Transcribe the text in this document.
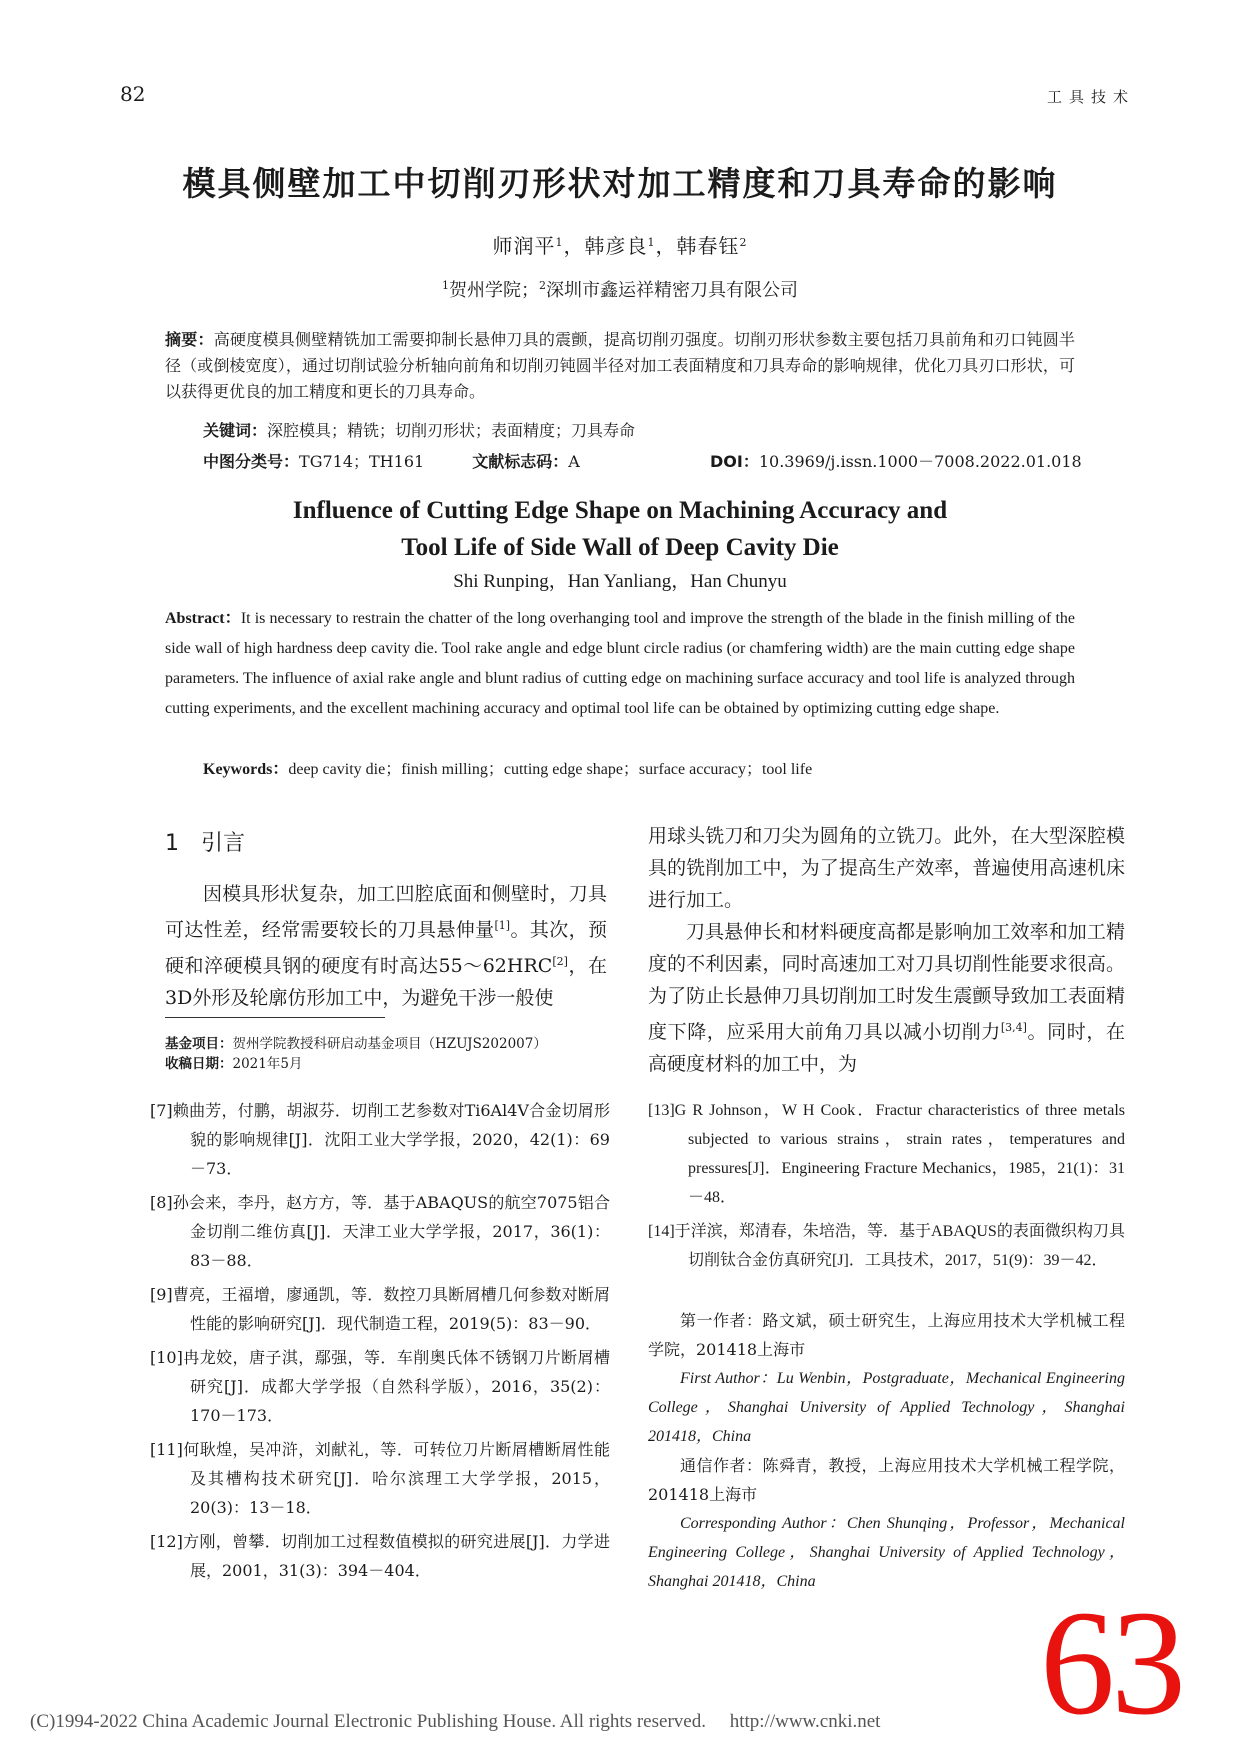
82	工具技术
模具侧壁加工中切削刃形状对加工精度和刀具寿命的影响
师润平$^1$，韩彦良$^1$，韩春钰$^2$
$^1$贺州学院；$^2$深圳市鑫运祥精密刀具有限公司
摘要：高硬度模具侧壁精铣加工需要抑制长悬伸刀具的震颤，提高切削刃强度。切削刃形状参数主要包括刀具前角和刃口钝圆半径（或倒棱宽度），通过切削试验分析轴向前角和切削刃钝圆半径对加工表面精度和刀具寿命的影响规律，优化刀具刃口形状，可以获得更优良的加工精度和更长的刀具寿命。
关键词：深腔模具；精铣；切削刃形状；表面精度；刀具寿命
中图分类号：TG714；TH161	文献标志码：A	DOI：10.3969/j.issn.1000－7008.2022.01.018
Influence of Cutting Edge Shape on Machining Accuracy and
Tool Life of Side Wall of Deep Cavity Die
Shi Runping，Han Yanliang，Han Chunyu
Abstract：It is necessary to restrain the chatter of the long overhanging tool and improve the strength of the blade in the finish milling of the side wall of high hardness deep cavity die. Tool rake angle and edge blunt circle radius (or chamfering width) are the main cutting edge shape parameters. The influence of axial rake angle and blunt radius of cutting edge on machining surface accuracy and tool life is analyzed through cutting experiments, and the excellent machining accuracy and optimal tool life can be obtained by optimizing cutting edge shape.
Keywords：deep cavity die；finish milling；cutting edge shape；surface accuracy；tool life
1　引言

因模具形状复杂，加工凹腔底面和侧壁时，刀具可达性差，经常需要较长的刀具悬伸量[1]。其次，预硬和淬硬模具钢的硬度有时高达55～62HRC[2]，在3D外形及轮廓仿形加工中，为避免干涉一般使

用球头铣刀和刀尖为圆角的立铣刀。此外，在大型深腔模具的铣削加工中，为了提高生产效率，普遍使用高速机床进行加工。

刀具悬伸长和材料硬度高都是影响加工效率和加工精度的不利因素，同时高速加工对刀具切削性能要求很高。为了防止长悬伸刀具切削加工时发生震颤导致加工表面精度下降，应采用大前角刀具以减小切削力[3,4]。同时，在高硬度材料的加工中，为

基金项目：贺州学院教授科研启动基金项目（HZUJS202007）
收稿日期：2021年5月

[7]赖曲芳，付鹏，胡淑芬．切削工艺参数对Ti6Al4V合金切屑形貌的影响规律[J]．沈阳工业大学学报，2020，42(1)：69－73．

[8]孙会来，李丹，赵方方，等．基于ABAQUS的航空7075铝合金切削二维仿真[J]．天津工业大学学报，2017，36(1)：83－88．

[9]曹亮，王福增，廖通凯，等．数控刀具断屑槽几何参数对断屑性能的影响研究[J]．现代制造工程，2019(5)：83－90．

[10]冉龙姣，唐子淇，鄢强，等．车削奥氏体不锈钢刀片断屑槽研究[J]．成都大学学报（自然科学版），2016，35(2)：170－173．

[11]何耿煌，吴冲浒，刘献礼，等．可转位刀片断屑槽断屑性能及其槽构技术研究[J]．哈尔滨理工大学学报，2015，20(3)：13－18．

[12]方刚，曾攀．切削加工过程数值模拟的研究进展[J]．力学进展，2001，31(3)：394－404．

[13]G R Johnson，W H Cook．Fractur characteristics of three metals subjected to various strains，strain rates，temperatures and pressures[J]．Engineering Fracture Mechanics，1985，21(1)：31－48．

[14]于洋滨，郑清春，朱培浩，等．基于ABAQUS的表面微织构刀具切削钛合金仿真研究[J]．工具技术，2017，51(9)：39－42．

第一作者：路文斌，硕士研究生，上海应用技术大学机械工程学院，201418上海市

First Author：Lu Wenbin，Postgraduate，Mechanical Engineering College，Shanghai University of Applied Technology，Shanghai 201418，China

通信作者：陈舜青，教授，上海应用技术大学机械工程学院，201418上海市

Corresponding Author：Chen Shunqing，Professor，Mechanical Engineering College，Shanghai University of Applied Technology，Shanghai 201418，China

(C)1994-2022 China Academic Journal Electronic Publishing House. All rights reserved.　 http://www.cnki.net 63
